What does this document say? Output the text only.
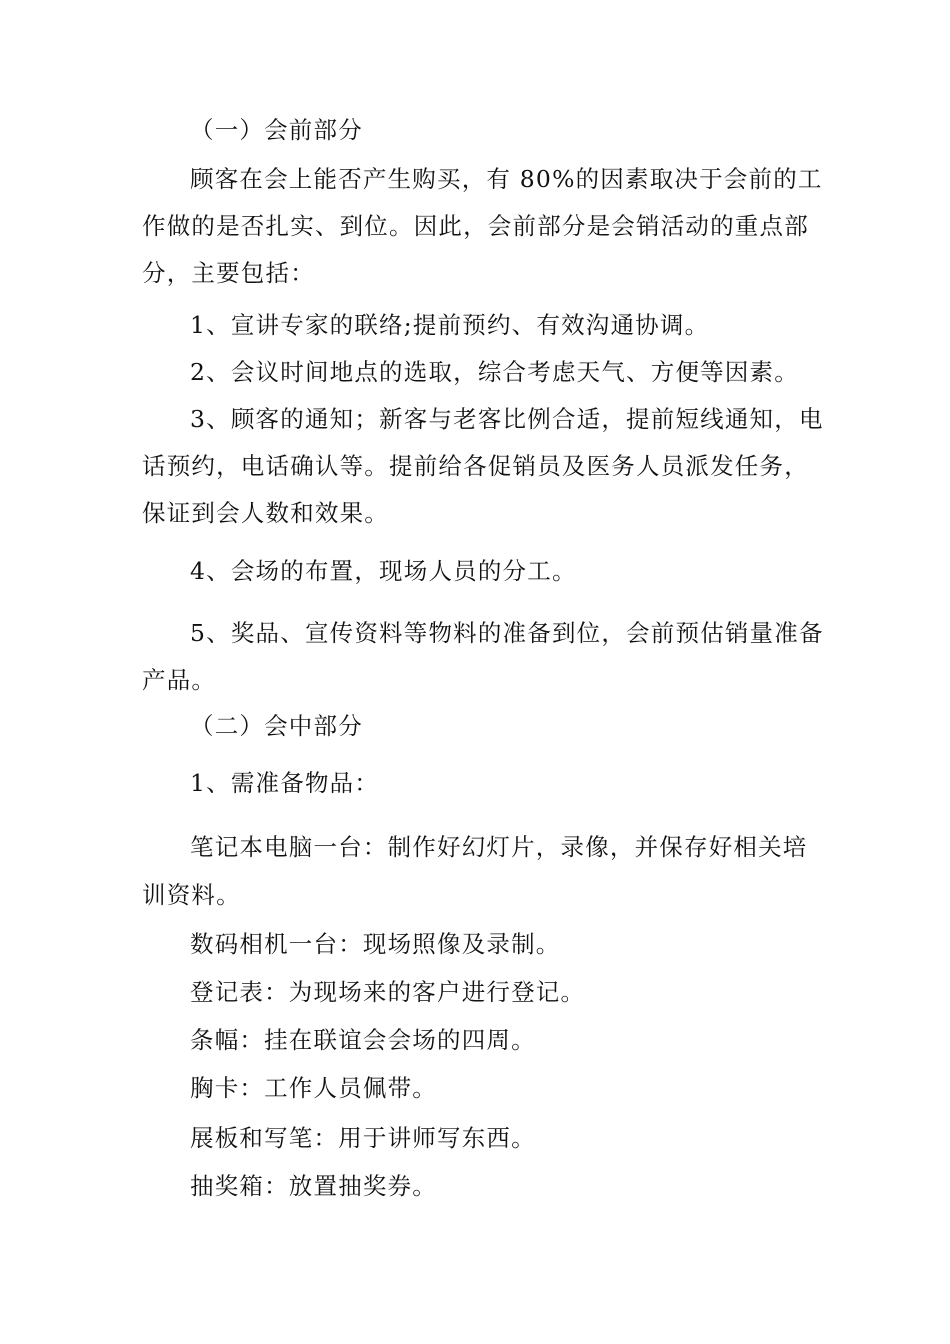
（一）会前部分
顾客在会上能否产生购买，有 80%的因素取决于会前的工
作做的是否扎实、到位。因此，会前部分是会销活动的重点部
分，主要包括：
1、宣讲专家的联络;提前预约、有效沟通协调。
2、会议时间地点的选取，综合考虑天气、方便等因素。
3、顾客的通知；新客与老客比例合适，提前短线通知，电
话预约，电话确认等。提前给各促销员及医务人员派发任务，
保证到会人数和效果。
4、会场的布置，现场人员的分工。
5、奖品、宣传资料等物料的准备到位，会前预估销量准备
产品。
（二）会中部分
1、需准备物品：
笔记本电脑一台：制作好幻灯片，录像，并保存好相关培
训资料。
数码相机一台：现场照像及录制。
登记表：为现场来的客户进行登记。
条幅：挂在联谊会会场的四周。
胸卡：工作人员佩带。
展板和写笔：用于讲师写东西。
抽奖箱：放置抽奖券。
